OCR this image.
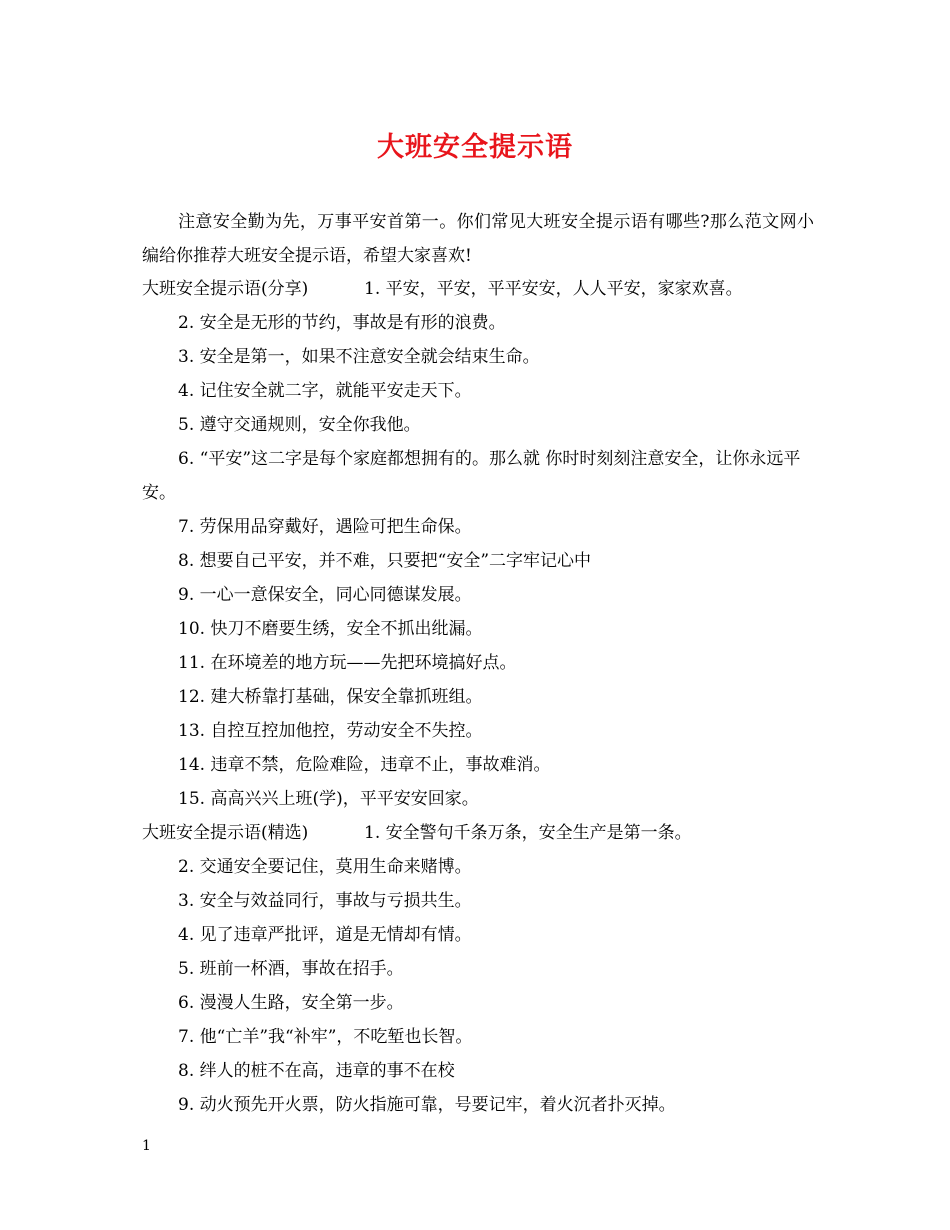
大班安全提示语
注意安全勤为先，万事平安首第一。你们常见大班安全提示语有哪些?那么范文网小编给你推荐大班安全提示语，希望大家喜欢!
大班安全提示语(分享)	1. 平安，平安，平平安安，人人平安，家家欢喜。
2. 安全是无形的节约，事故是有形的浪费。
3. 安全是第一，如果不注意安全就会结束生命。
4. 记住安全就二字，就能平安走天下。
5. 遵守交通规则，安全你我他。
6. “平安”这二字是每个家庭都想拥有的。那么就 你时时刻刻注意安全，让你永远平安。
7. 劳保用品穿戴好，遇险可把生命保。
8. 想要自己平安，并不难，只要把“安全”二字牢记心中
9. 一心一意保安全，同心同德谋发展。
10. 快刀不磨要生绣，安全不抓出纰漏。
11. 在环境差的地方玩——先把环境搞好点。
12. 建大桥靠打基础，保安全靠抓班组。
13. 自控互控加他控，劳动安全不失控。
14. 违章不禁，危险难险，违章不止，事故难消。
15. 高高兴兴上班(学)，平平安安回家。
大班安全提示语(精选)	1. 安全警句千条万条，安全生产是第一条。
2. 交通安全要记住，莫用生命来赌博。
3. 安全与效益同行，事故与亏损共生。
4. 见了违章严批评，道是无情却有情。
5. 班前一杯酒，事故在招手。
6. 漫漫人生路，安全第一步。
7. 他“亡羊”我“补牢”，不吃堑也长智。
8. 绊人的桩不在高，违章的事不在校
9. 动火预先开火票，防火指施可靠，号要记牢，着火沉者扑灭掉。
1
